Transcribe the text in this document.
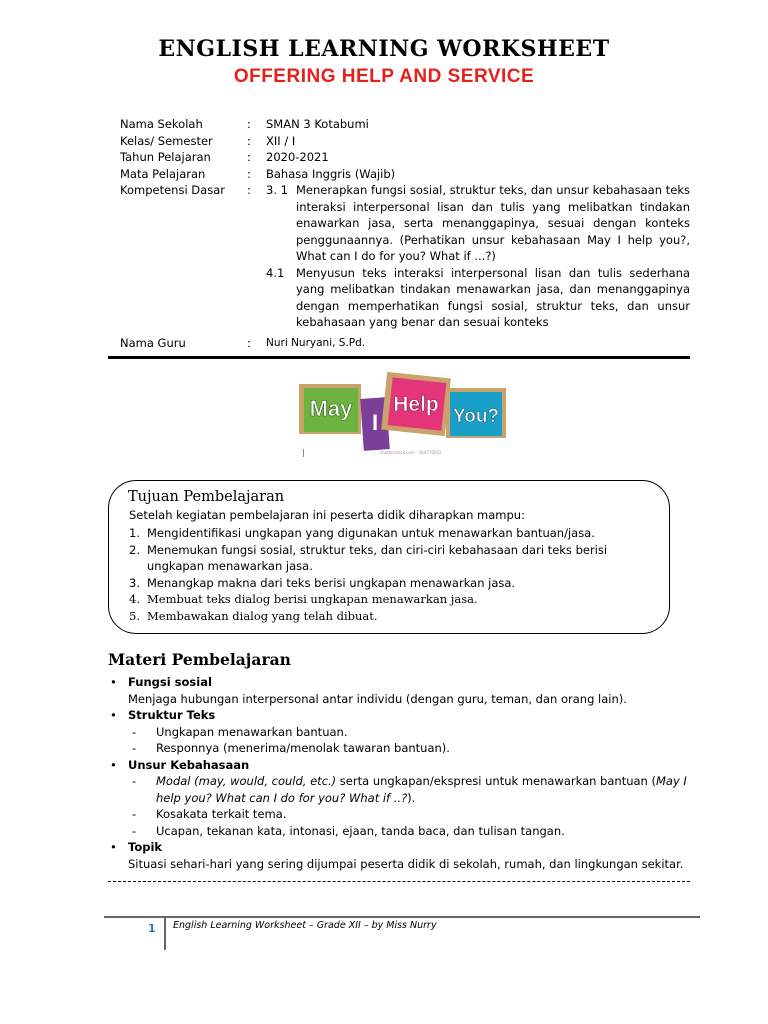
ENGLISH LEARNING WORKSHEET
OFFERING HELP AND SERVICE
Nama Sekolah	:	SMAN 3 Kotabumi
Kelas/ Semester	:	XII / I
Tahun Pelajaran	:	2020-2021
Mata Pelajaran	:	Bahasa Inggris (Wajib)
Kompetensi Dasar	:	3. 1 Menerapkan fungsi sosial, struktur teks, dan unsur kebahasaan teks interaksi interpersonal lisan dan tulis yang melibatkan tindakan enawarkan jasa, serta menanggapinya, sesuai dengan konteks penggunaannya. (Perhatikan unsur kebahasaan May I help you?, What can I do for you? What if ...?)
4.1	Menyusun teks interaksi interpersonal lisan dan tulis sederhana yang melibatkan tindakan menawarkan jasa, dan menanggapinya dengan memperhatikan fungsi sosial, struktur teks, dan unsur kebahasaan yang benar dan sesuai konteks
Nama Guru	:	Nuri Nuryani, S.Pd.
May
I
Help
You?
shutterstock.com · 364770203
Tujuan Pembelajaran
Setelah kegiatan pembelajaran ini peserta didik diharapkan mampu:
1. Mengidentifikasi ungkapan yang digunakan untuk menawarkan bantuan/jasa.
2. Menemukan fungsi sosial, struktur teks, dan ciri-ciri kebahasaan dari teks berisi ungkapan menawarkan jasa.
3. Menangkap makna dari teks berisi ungkapan menawarkan jasa.
4. Membuat teks dialog berisi ungkapan menawarkan jasa.
5. Membawakan dialog yang telah dibuat.
Materi Pembelajaran
• Fungsi sosial
Menjaga hubungan interpersonal antar individu (dengan guru, teman, dan orang lain).
• Struktur Teks
-	Ungkapan menawarkan bantuan.
-	Responnya (menerima/menolak tawaran bantuan).
• Unsur Kebahasaan
-	Modal (may, would, could, etc.) serta ungkapan/ekspresi untuk menawarkan bantuan (May I help you? What can I do for you? What if ..?).
-	Kosakata terkait tema.
-	Ucapan, tekanan kata, intonasi, ejaan, tanda baca, dan tulisan tangan.
• Topik
Situasi sehari-hari yang sering dijumpai peserta didik di sekolah, rumah, dan lingkungan sekitar.
1 English Learning Worksheet – Grade XII – by Miss Nurry
